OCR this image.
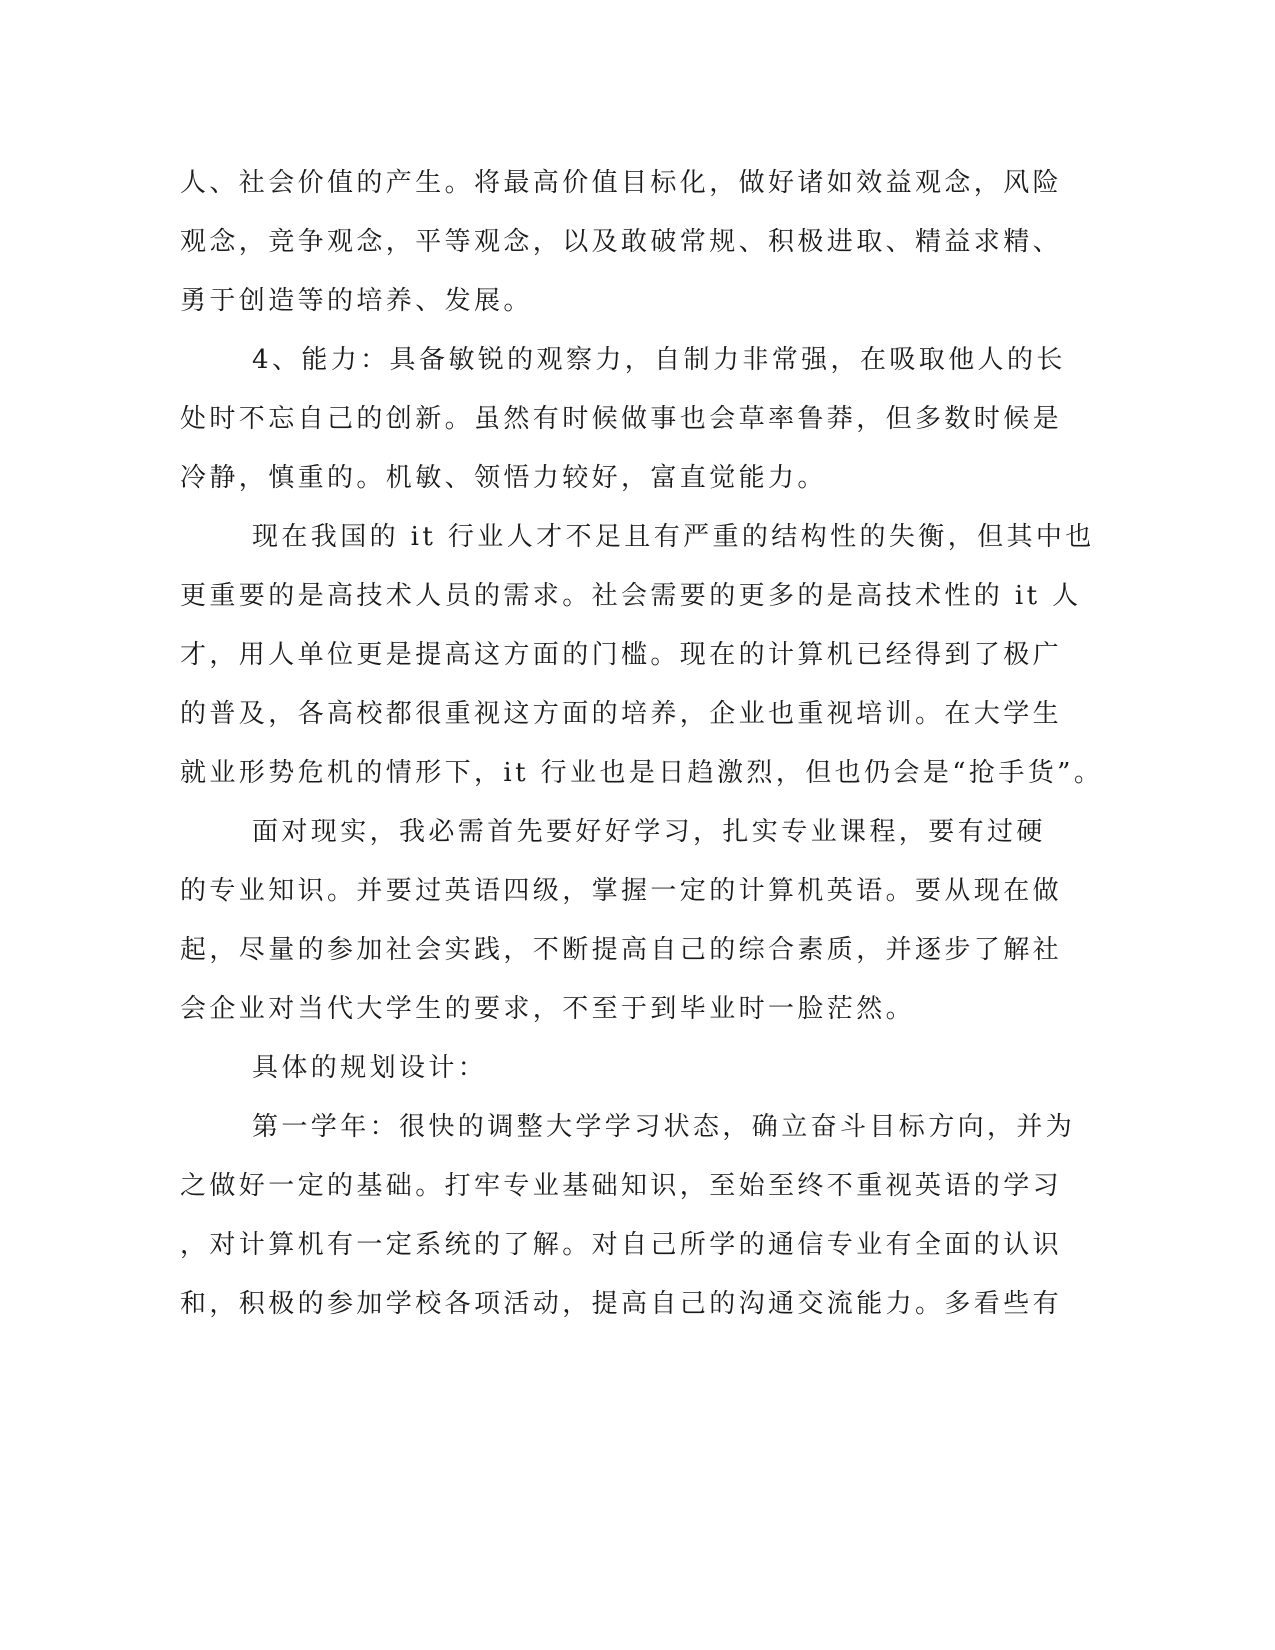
人、社会价值的产生。将最高价值目标化，做好诸如效益观念，风险
观念，竞争观念，平等观念，以及敢破常规、积极进取、精益求精、
勇于创造等的培养、发展。
4、能力：具备敏锐的观察力，自制力非常强，在吸取他人的长
处时不忘自己的创新。虽然有时候做事也会草率鲁莽，但多数时候是
冷静，慎重的。机敏、领悟力较好，富直觉能力。
现在我国的 it 行业人才不足且有严重的结构性的失衡，但其中也
更重要的是高技术人员的需求。社会需要的更多的是高技术性的 it 人
才，用人单位更是提高这方面的门槛。现在的计算机已经得到了极广
的普及，各高校都很重视这方面的培养，企业也重视培训。在大学生
就业形势危机的情形下，it 行业也是日趋激烈，但也仍会是“抢手货”。
面对现实，我必需首先要好好学习，扎实专业课程，要有过硬
的专业知识。并要过英语四级，掌握一定的计算机英语。要从现在做
起，尽量的参加社会实践，不断提高自己的综合素质，并逐步了解社
会企业对当代大学生的要求，不至于到毕业时一脸茫然。
具体的规划设计：
第一学年：很快的调整大学学习状态，确立奋斗目标方向，并为
之做好一定的基础。打牢专业基础知识，至始至终不重视英语的学习
，对计算机有一定系统的了解。对自己所学的通信专业有全面的认识
和，积极的参加学校各项活动，提高自己的沟通交流能力。多看些有
